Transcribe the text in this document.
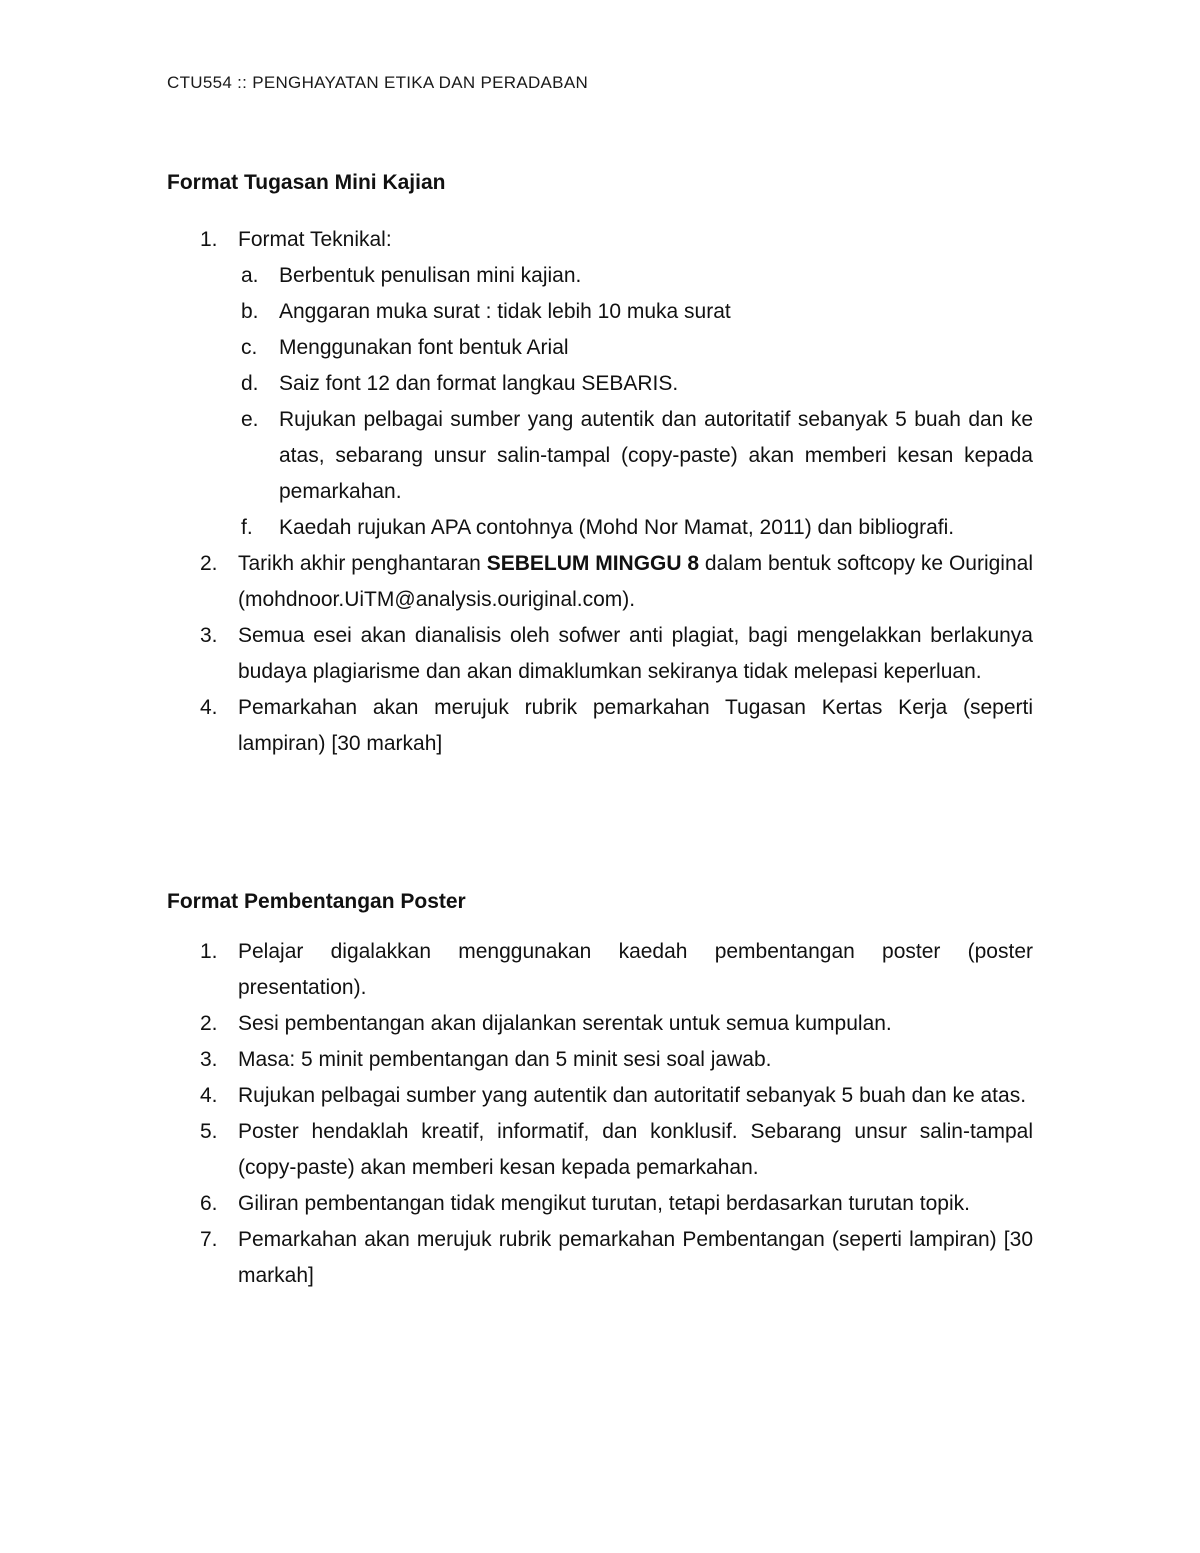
CTU554 :: PENGHAYATAN ETIKA DAN PERADABAN
Format Tugasan Mini Kajian
1. Format Teknikal:
a. Berbentuk penulisan mini kajian.
b. Anggaran muka surat : tidak lebih 10 muka surat
c. Menggunakan font bentuk Arial
d. Saiz font 12 dan format langkau SEBARIS.
e. Rujukan pelbagai sumber yang autentik dan autoritatif sebanyak 5 buah dan ke atas, sebarang unsur salin-tampal (copy-paste) akan memberi kesan kepada pemarkahan.
f. Kaedah rujukan APA contohnya (Mohd Nor Mamat, 2011) dan bibliografi.
2. Tarikh akhir penghantaran SEBELUM MINGGU 8 dalam bentuk softcopy ke Ouriginal (mohdnoor.UiTM@analysis.ouriginal.com).
3. Semua esei akan dianalisis oleh sofwer anti plagiat, bagi mengelakkan berlakunya budaya plagiarisme dan akan dimaklumkan sekiranya tidak melepasi keperluan.
4. Pemarkahan akan merujuk rubrik pemarkahan Tugasan Kertas Kerja (seperti lampiran) [30 markah]
Format Pembentangan Poster
1. Pelajar digalakkan menggunakan kaedah pembentangan poster (poster presentation).
2. Sesi pembentangan akan dijalankan serentak untuk semua kumpulan.
3. Masa: 5 minit pembentangan dan 5 minit sesi soal jawab.
4. Rujukan pelbagai sumber yang autentik dan autoritatif sebanyak 5 buah dan ke atas.
5. Poster hendaklah kreatif, informatif, dan konklusif. Sebarang unsur salin-tampal (copy-paste) akan memberi kesan kepada pemarkahan.
6. Giliran pembentangan tidak mengikut turutan, tetapi berdasarkan turutan topik.
7. Pemarkahan akan merujuk rubrik pemarkahan Pembentangan (seperti lampiran) [30 markah]
